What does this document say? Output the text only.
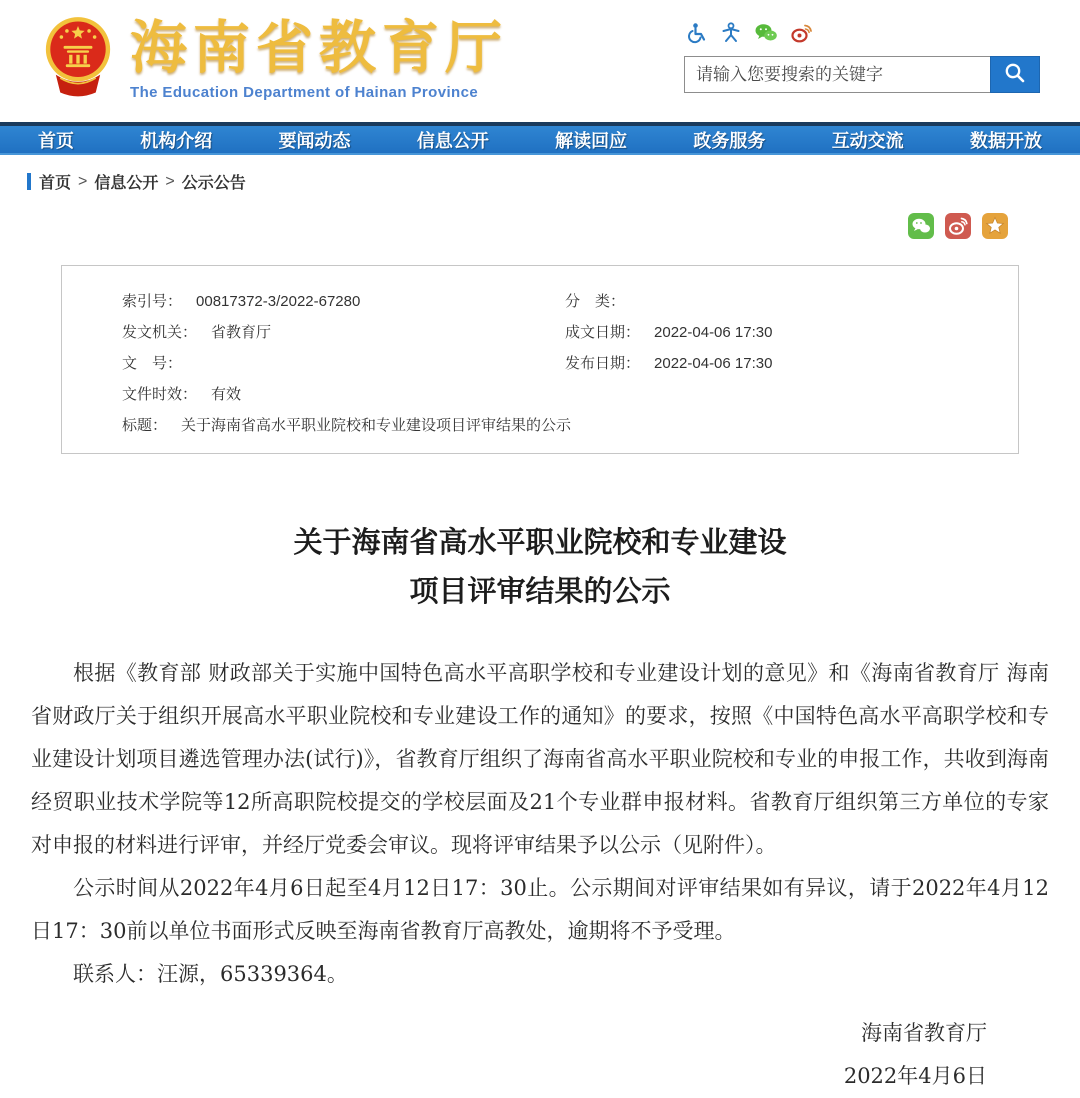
海南省教育厅
The Education Department of Hainan Province
请输入您要搜索的关键字
首页	机构介绍	要闻动态	信息公开	解读回应	政务服务	互动交流	数据开放
首页 > 信息公开 > 公示公告
索引号： 00817372-3/2022-67280	分　类：
发文机关： 省教育厅	成文日期： 2022-04-06 17:30
文　号：	发布日期： 2022-04-06 17:30
文件时效： 有效
标题： 关于海南省高水平职业院校和专业建设项目评审结果的公示
关于海南省高水平职业院校和专业建设
项目评审结果的公示

根据《教育部 财政部关于实施中国特色高水平高职学校和专业建设计划的意见》和《海南省教育厅 海南省财政厅关于组织开展高水平职业院校和专业建设工作的通知》的要求，按照《中国特色高水平高职学校和专业建设计划项目遴选管理办法(试行)》，省教育厅组织了海南省高水平职业院校和专业的申报工作，共收到海南经贸职业技术学院等12所高职院校提交的学校层面及21个专业群申报材料。省教育厅组织第三方单位的专家对申报的材料进行评审，并经厅党委会审议。现将评审结果予以公示（见附件）。

公示时间从2022年4月6日起至4月12日17：30止。公示期间对评审结果如有异议，请于2022年4月12日17：30前以单位书面形式反映至海南省教育厅高教处，逾期将不予受理。

联系人：汪源，65339364。

海南省教育厅
2022年4月6日
